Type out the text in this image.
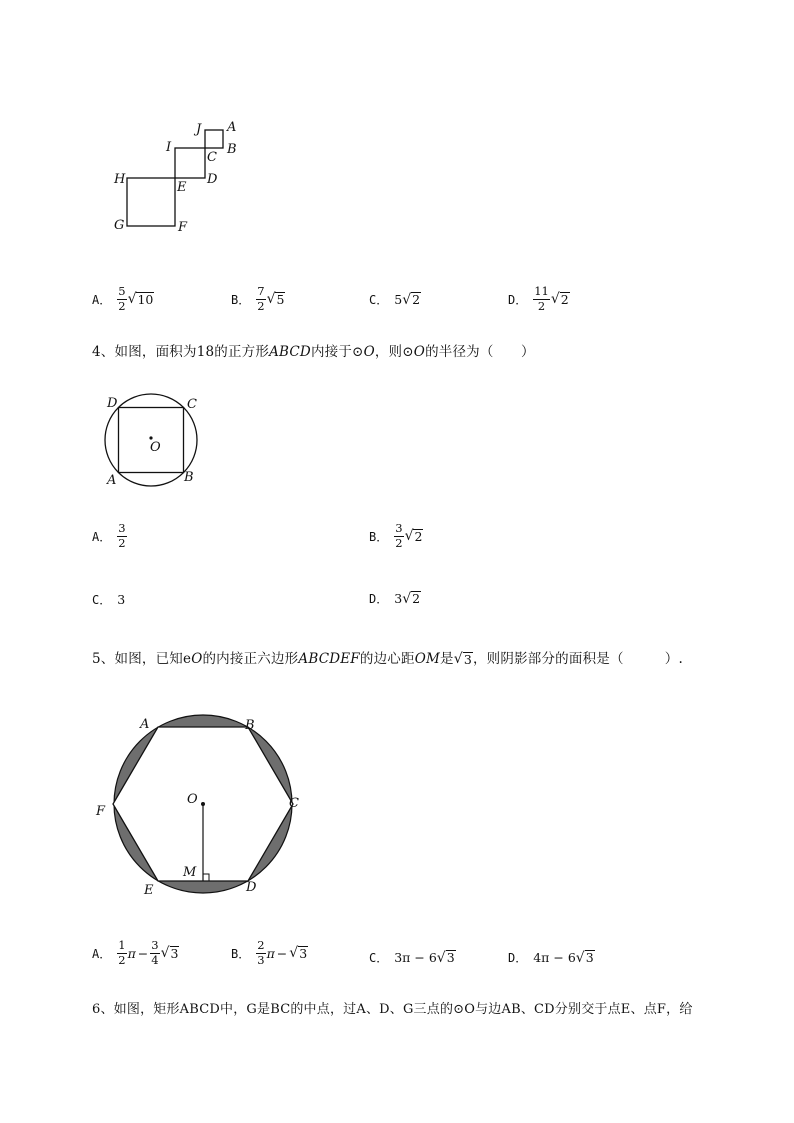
J A
B
C
I
D
H
E
G	F
A． $\frac{5}{2}$ √ 10	B． $\frac{7}{2}$ √ 5	C． 5 √ 2	D． $\frac{11}{2}$ √ 2
4、如图，面积为18的正方形ABCD内接于⊙O，则⊙O的半径为（　　）
D	C
O
A	B
A． $\frac{3}{2}$	B． $\frac{3}{2}$ √ 2
C． 3	D． 3 √ 2
5、如图，已知eO的内接正六边形ABCDEF的边心距OM是 √ 3 ，则阴影部分的面积是（　　　）.
A	B
F
O	C
M
E	D
A． $\frac{1}{2}$ $\pi - \frac{3}{4}$ √ 3	B． $\frac{2}{3}$ π − √ 3	C． 3π − 6 √ 3	D． 4π − 6 √ 3
6、如图，矩形ABCD中，G是BC的中点，过A、D、G三点的⊙O与边AB、CD分别交于点E、点F，给
